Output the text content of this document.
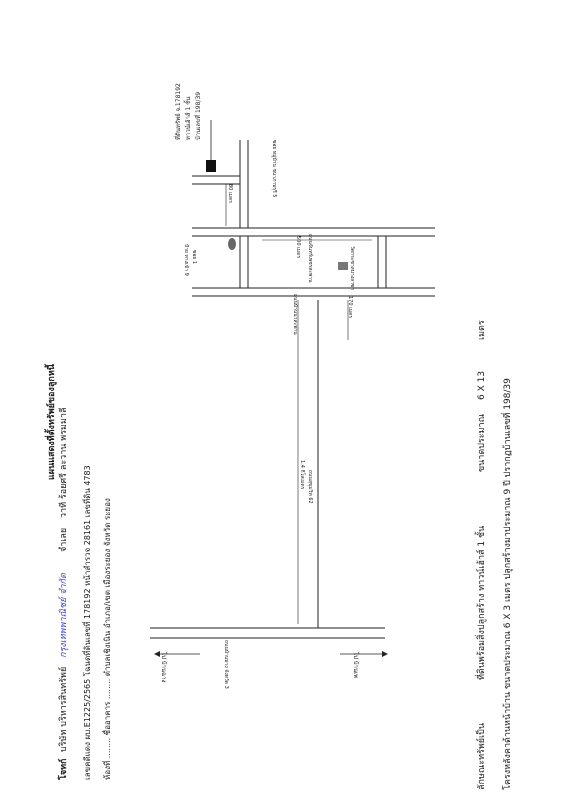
โจทก์
บริษัท บริหารสินทรัพย์
กรุงเทพพาณิชย์ จำกัด
จำเลย
วาที ร้อยศรี ละวาน พรมมาลี
แผนแสดงที่ตั้งทรัพย์ของลูกหนี้
เลขคดีแดง ผบ.E1225/2565 โฉนดที่ดินเลขที่ 178192 หน้าสำรวจ 28161 เลขที่ดิน 4783 ห้องที่ ........ ชื่ออาคาร ........ ตำบลเชิงเนิน อำเภอ/เขต เมืองระยอง จังหวัด ระยอง
ถนนสุขุมวิท 62
ถนนบ้านบาง จังหวัด 3
ถนนบ้านนาสะพาน
ถนนจันทร์เพชรสะพาน
ซอย หมู่บ้าน ชนาภาบรุรี 5
1.4 กิโลเมตร
170 เมตร
500 เมตร
80 เมตร
วัดกระซาลบางลาซา
ป้าย ทางเข้า 9 ซอย 1
ที่ดินทรัพย์ จ.178192 ทาวน์เฮ้าส์ 1 ชั้น บ้านเลขที่ 198/39
ไป บ้านฉาง	ไป บ้านเพ
ลักษณะทรัพย์เป็น
ที่ดินพร้อมสิ่งปลูกสร้าง ทาวน์เฮ้าส์ 1 ชั้น
ขนาดประมาณ
6 X 13
เมตร
โครงหลังคาด้านหน้าบ้าน ขนาดประมาณ 6 X 3 เมตร ปลูกสร้างมาประมาณ 9 ปี ปรากฏบ้านเลขที่ 198/39
